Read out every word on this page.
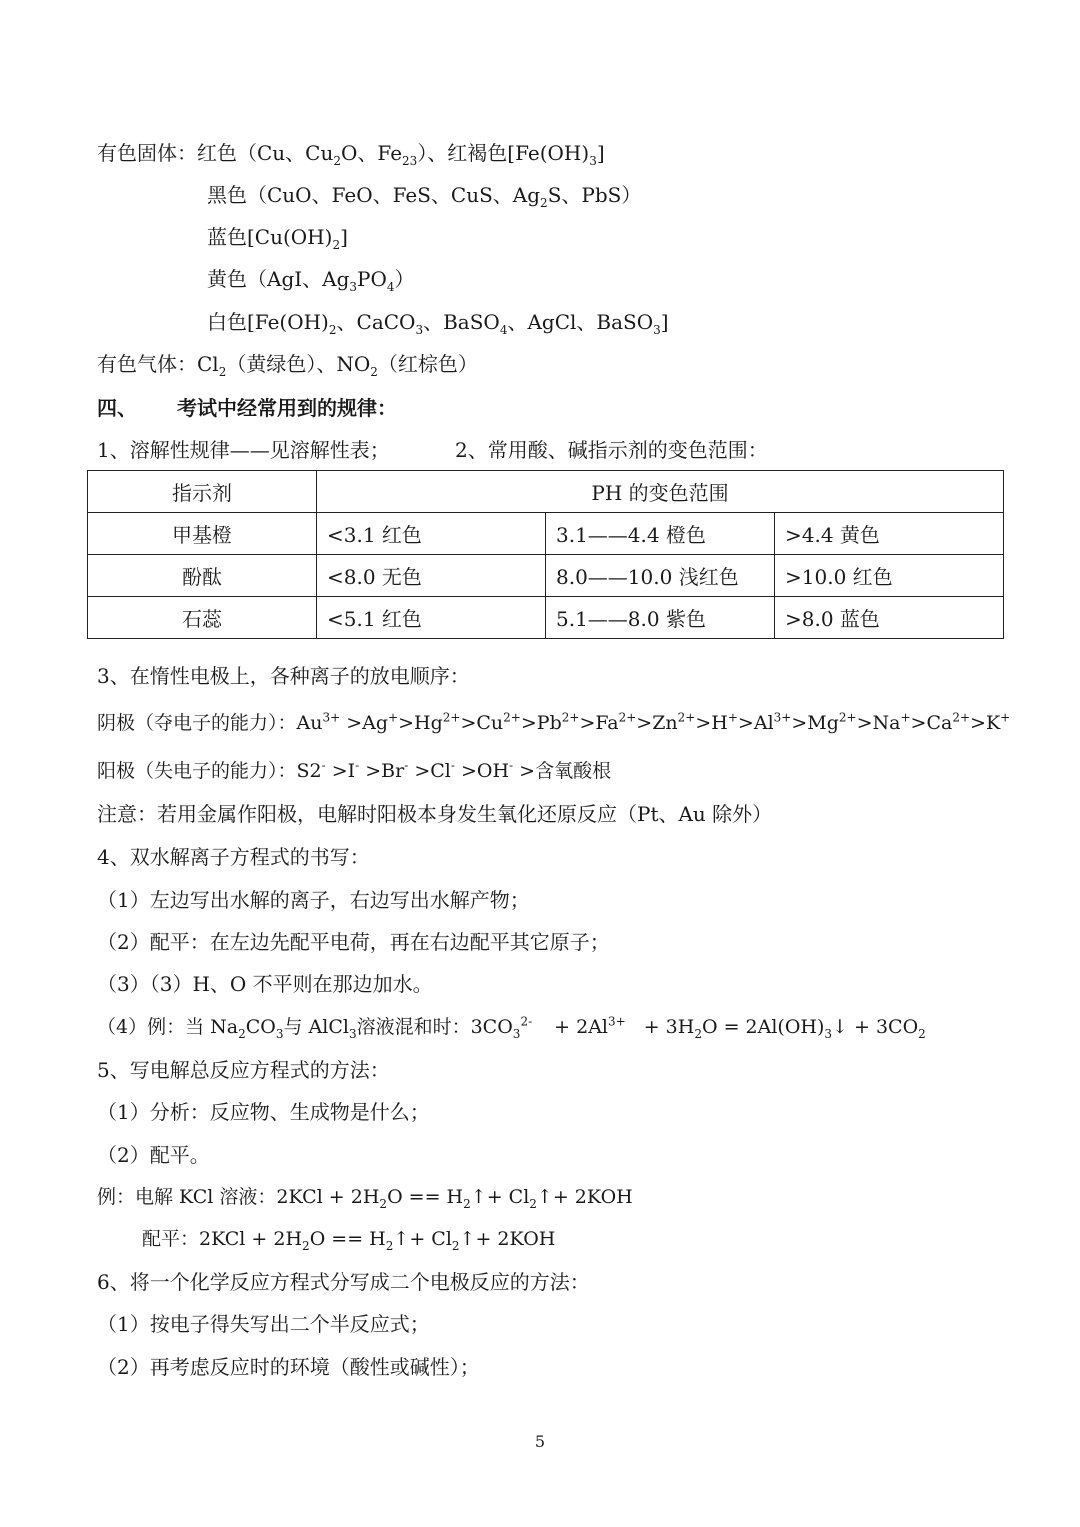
有色固体：红色（Cu、$Cu_2O$、$Fe_{23}$）、红褐色$[Fe(OH)_3]$
黑色（CuO、FeO、FeS、CuS、$Ag_2S$、PbS）
蓝色$[Cu(OH)_2]$
黄色（AgI、$Ag_3PO_4$）
白色[$Fe(OH)_2$、CaCO$_3$、BaSO$_4$、AgCl、BaSO$_3$]
有色气体：$Cl_2$（黄绿色）、$NO_2$（红棕色）
四、 考试中经常用到的规律：
1、溶解性规律——见溶解性表；	2、常用酸、碱指示剂的变色范围：
指示剂	PH 的变色范围		
甲基橙	<3.1 红色	3.1——4.4 橙色	>4.4 黄色
酚酞	<8.0 无色	8.0——10.0 浅红色	>10.0 红色
石蕊	<5.1 红色	5.1——8.0 紫色	>8.0 蓝色
3、在惰性电极上，各种离子的放电顺序：
阴极（夺电子的能力）：$Au^{3+} >Ag^+>Hg^{2+}>Cu^{2+}>Pb^{2+}>Fa^{2+}>Zn^{2+}>H^+>Al^{3+}>Mg^{2+}>Na^+>Ca^{2+}>K^+$
阳极（失电子的能力）：S2- >I- >Br- >Cl- >OH- >含氧酸根
注意：若用金属作阳极，电解时阳极本身发生氧化还原反应（Pt、Au 除外）
4、双水解离子方程式的书写：
（1）左边写出水解的离子，右边写出水解产物；
（2）配平：在左边先配平电荷，再在右边配平其它原子；
（3）（3）H、O 不平则在那边加水。
（4）例：当 $Na_2CO_3$与 AlCl$_3$溶液混和时：$3CO_3^{2-} + 2Al^{3+} + 3H_2O$ = $2Al(OH)_3↓ + 3CO_2$
5、写电解总反应方程式的方法：
（1）分析：反应物、生成物是什么；
（2）配平。
例：电解 KCl 溶液：$2KCl + 2H_2O$ == $H_2↑+$ $Cl_2↑+ 2KOH$
配平：$2KCl + 2H_2O$ == $H_2↑+$ $Cl_2↑+ 2KOH$
6、将一个化学反应方程式分写成二个电极反应的方法：
（1）按电子得失写出二个半反应式；
（2）再考虑反应时的环境（酸性或碱性）；
5
